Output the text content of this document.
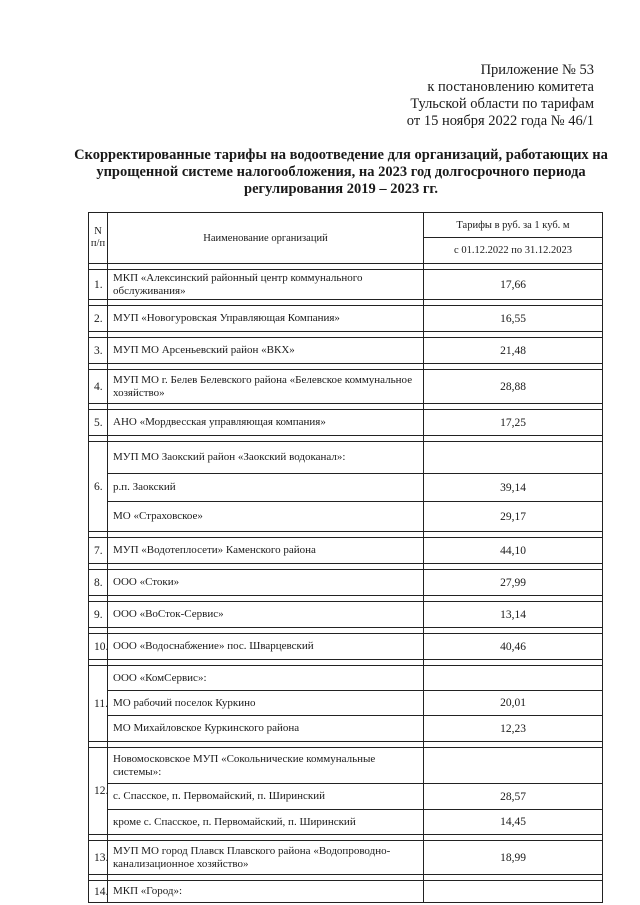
Приложение № 53
к постановлению комитета
Тульской области по тарифам
от 15 ноября 2022 года № 46/1
Скорректированные тарифы на водоотведение для организаций, работающих на упрощенной системе налогообложения, на 2023 год долгосрочного периода регулирования 2019 – 2023 гг.
N п/п	Наименование организаций	Тарифы в руб. за 1 куб. м
		с 01.12.2022 по 31.12.2023

1.	МКП «Алексинский районный центр коммунального обслуживания»	17,66

2.	МУП «Новогуровская Управляющая Компания»	16,55

3.	МУП МО Арсеньевский район «ВКХ»	21,48

4.	МУП МО г. Белев Белевского района «Белевское коммунальное хозяйство»	28,88

5.	АНО «Мордвесская управляющая компания»	17,25

6.	МУП МО Заокский район «Заокский водоканал»:	
	р.п. Заокский	39,14
	МО «Страховское»	29,17

7.	МУП «Водотеплосети» Каменского района	44,10

8.	ООО «Стоки»	27,99

9.	ООО «ВоСток-Сервис»	13,14

10.	ООО «Водоснабжение» пос. Шварцевский	40,46

11.	ООО «КомСервис»:	
	МО рабочий поселок Куркино	20,01
	МО Михайловское Куркинского района	12,23

12.	Новомосковское МУП «Сокольнические коммунальные системы»:	
	с. Спасское, п. Первомайский, п. Ширинский	28,57
	кроме с. Спасское, п. Первомайский, п. Ширинский	14,45

13.	МУП МО город Плавск Плавского района «Водопроводно-канализационное хозяйство»	18,99

14.	МКП «Город»:	
